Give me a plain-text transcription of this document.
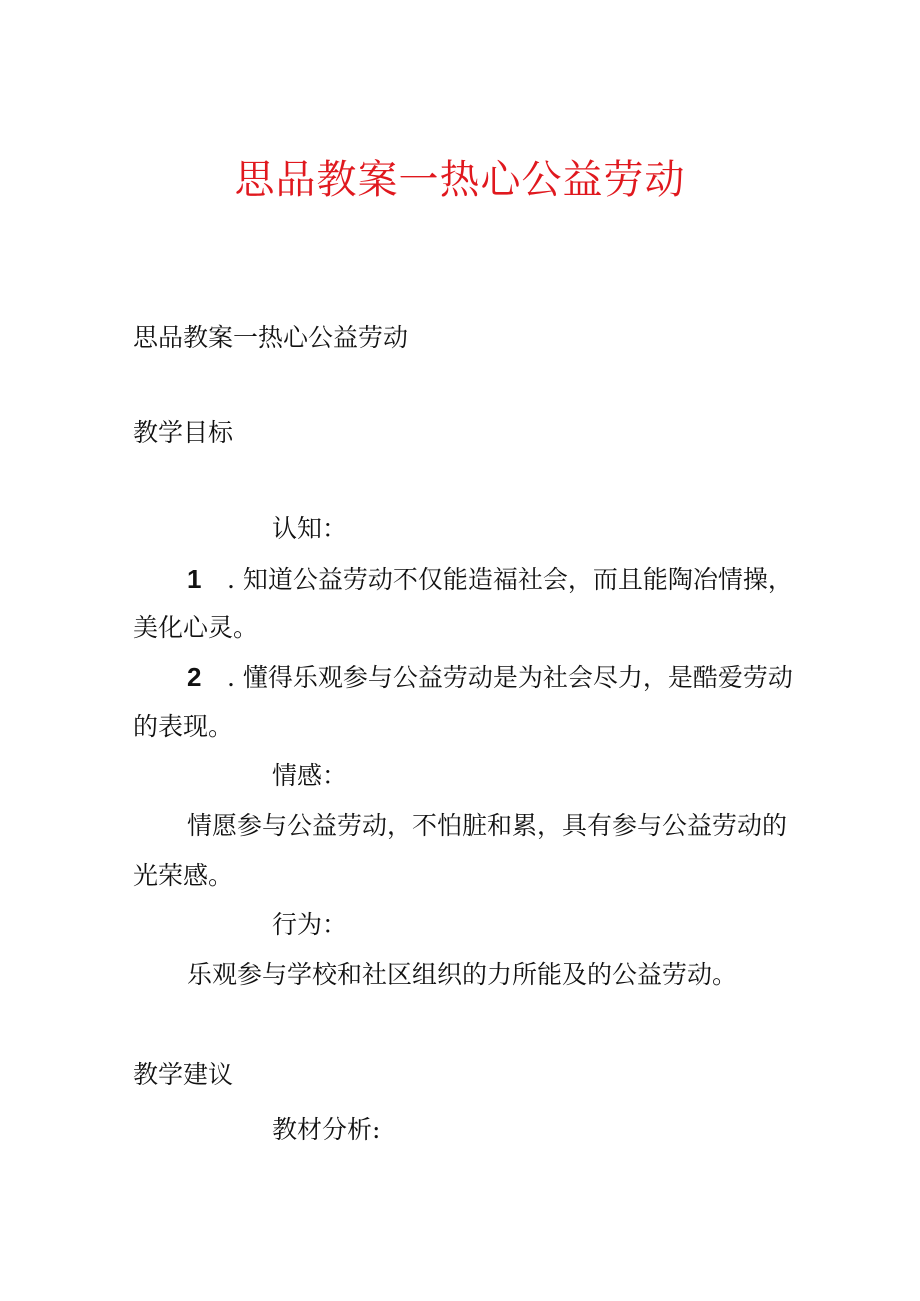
思品教案一热心公益劳动
思品教案一热心公益劳动
教学目标
认知：
1 . 知道公益劳动不仅能造福社会，而且能陶冶情操，
美化心灵。
2 . 懂得乐观参与公益劳动是为社会尽力，是酷爱劳动
的表现。
情感：
情愿参与公益劳动，不怕脏和累，具有参与公益劳动的
光荣感。
行为：
乐观参与学校和社区组织的力所能及的公益劳动。
教学建议
教材分析:
